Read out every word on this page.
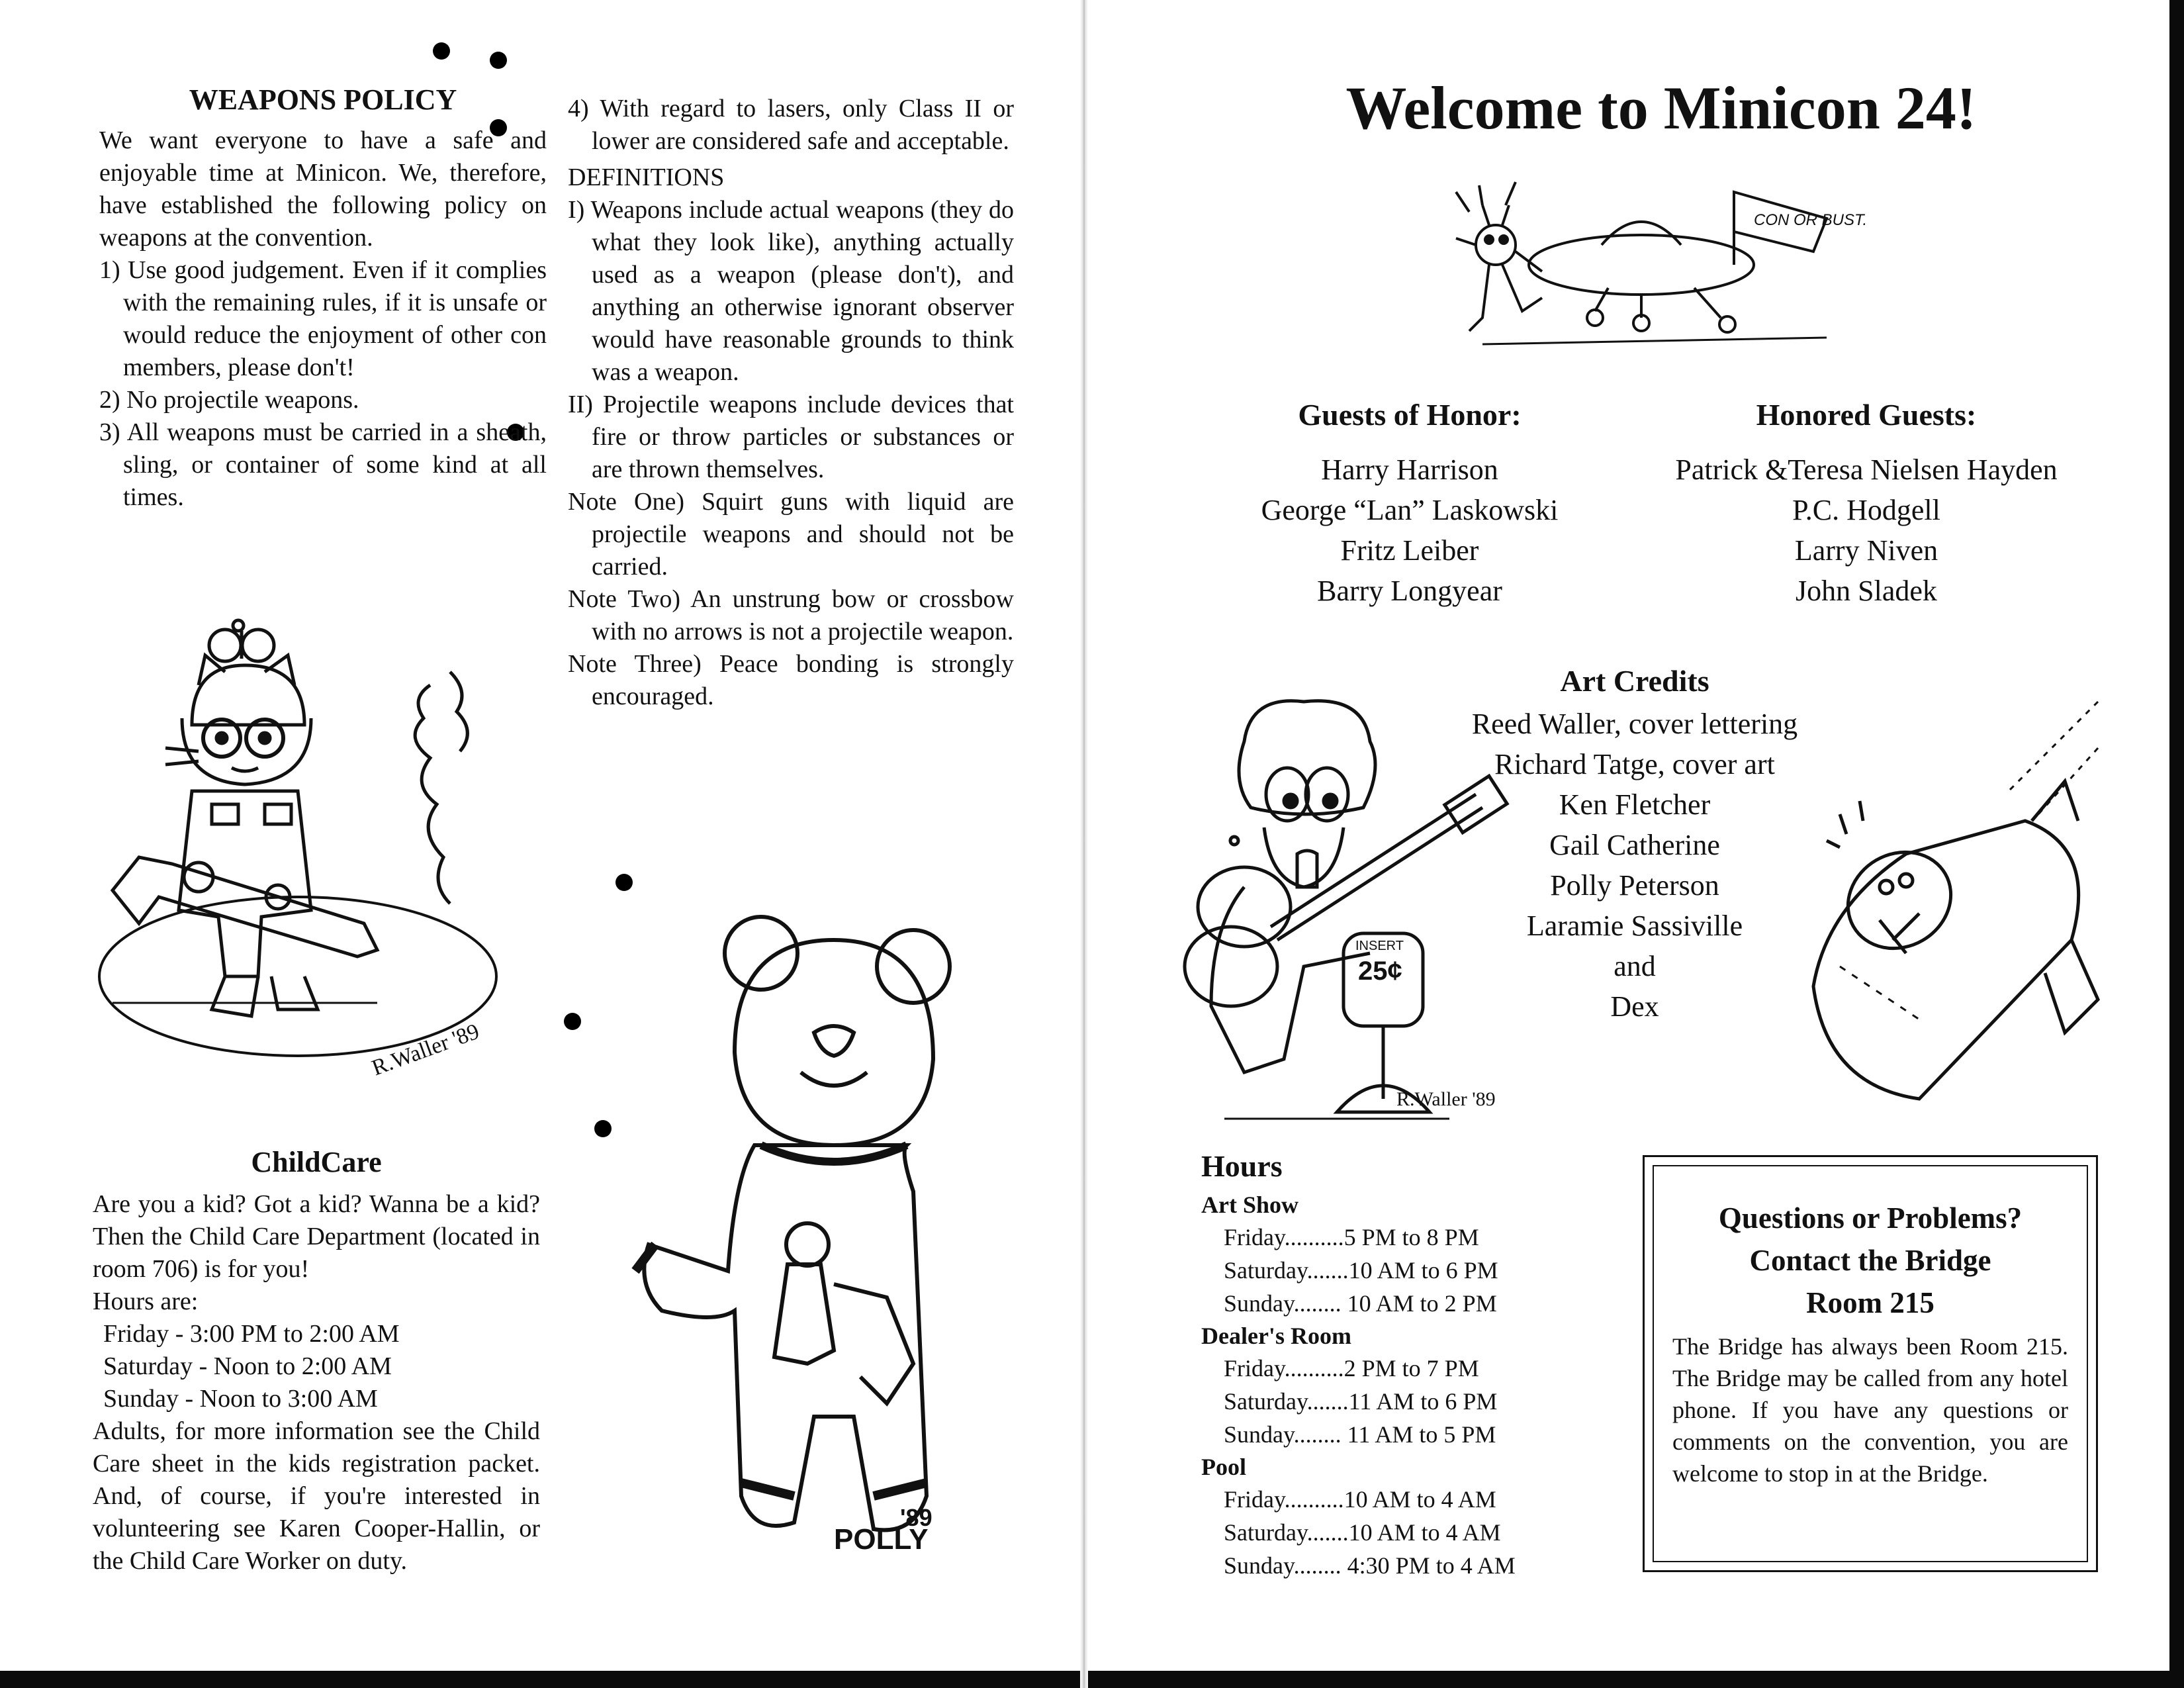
WEAPONS POLICY

We want everyone to have a safe and enjoyable time at Minicon. We, therefore, have established the following policy on weapons at the convention.

1) Use good judgement. Even if it complies with the remaining rules, if it is unsafe or would reduce the enjoyment of other con members, please don't!

2) No projectile weapons.

3) All weapons must be carried in a sheath, sling, or container of some kind at all times.

4) With regard to lasers, only Class II or lower are considered safe and acceptable.

DEFINITIONS

I) Weapons include actual weapons (they do what they look like), anything actually used as a weapon (please don't), and anything an otherwise ignorant observer would have reasonable grounds to think was a weapon.

II) Projectile weapons include devices that fire or throw particles or substances or are thrown themselves.

Note One) Squirt guns with liquid are projectile weapons and should not be carried.

Note Two) An unstrung bow or crossbow with no arrows is not a projectile weapon.

Note Three) Peace bonding is strongly encouraged.

R.Waller '89
ChildCare

Are you a kid? Got a kid? Wanna be a kid? Then the Child Care Department (located in room 706) is for you!

Hours are:

Friday - 3:00 PM to 2:00 AM

Saturday - Noon to 2:00 AM

Sunday - Noon to 3:00 AM

Adults, for more information see the Child Care sheet in the kids registration packet. And, of course, if you're interested in volunteering see Karen Cooper-Hallin, or the Child Care Worker on duty.

POLLY
'89
Welcome to Minicon 24!
CON OR BUST.
Guests of Honor:
Harry Harrison
George “Lan” Laskowski
Fritz Leiber
Barry Longyear
Honored Guests:
Patrick &Teresa Nielsen Hayden
P.C. Hodgell
Larry Niven
John Sladek
INSERT
25¢
R.Waller '89
Art Credits
Reed Waller, cover lettering
Richard Tatge, cover art
Ken Fletcher
Gail Catherine
Polly Peterson
Laramie Sassiville
and
Dex
Hours
Art Show
Friday..........5 PM to 8 PM
Saturday.......10 AM to 6 PM
Sunday........ 10 AM to 2 PM
Dealer's Room
Friday..........2 PM to 7 PM
Saturday.......11 AM to 6 PM
Sunday........ 11 AM to 5 PM
Pool
Friday..........10 AM to 4 AM
Saturday.......10 AM to 4 AM
Sunday........ 4:30 PM to 4 AM
Questions or Problems?
Contact the Bridge
Room 215
The Bridge has always been Room 215. The Bridge may be called from any hotel phone. If you have any questions or comments on the convention, you are welcome to stop in at the Bridge.
